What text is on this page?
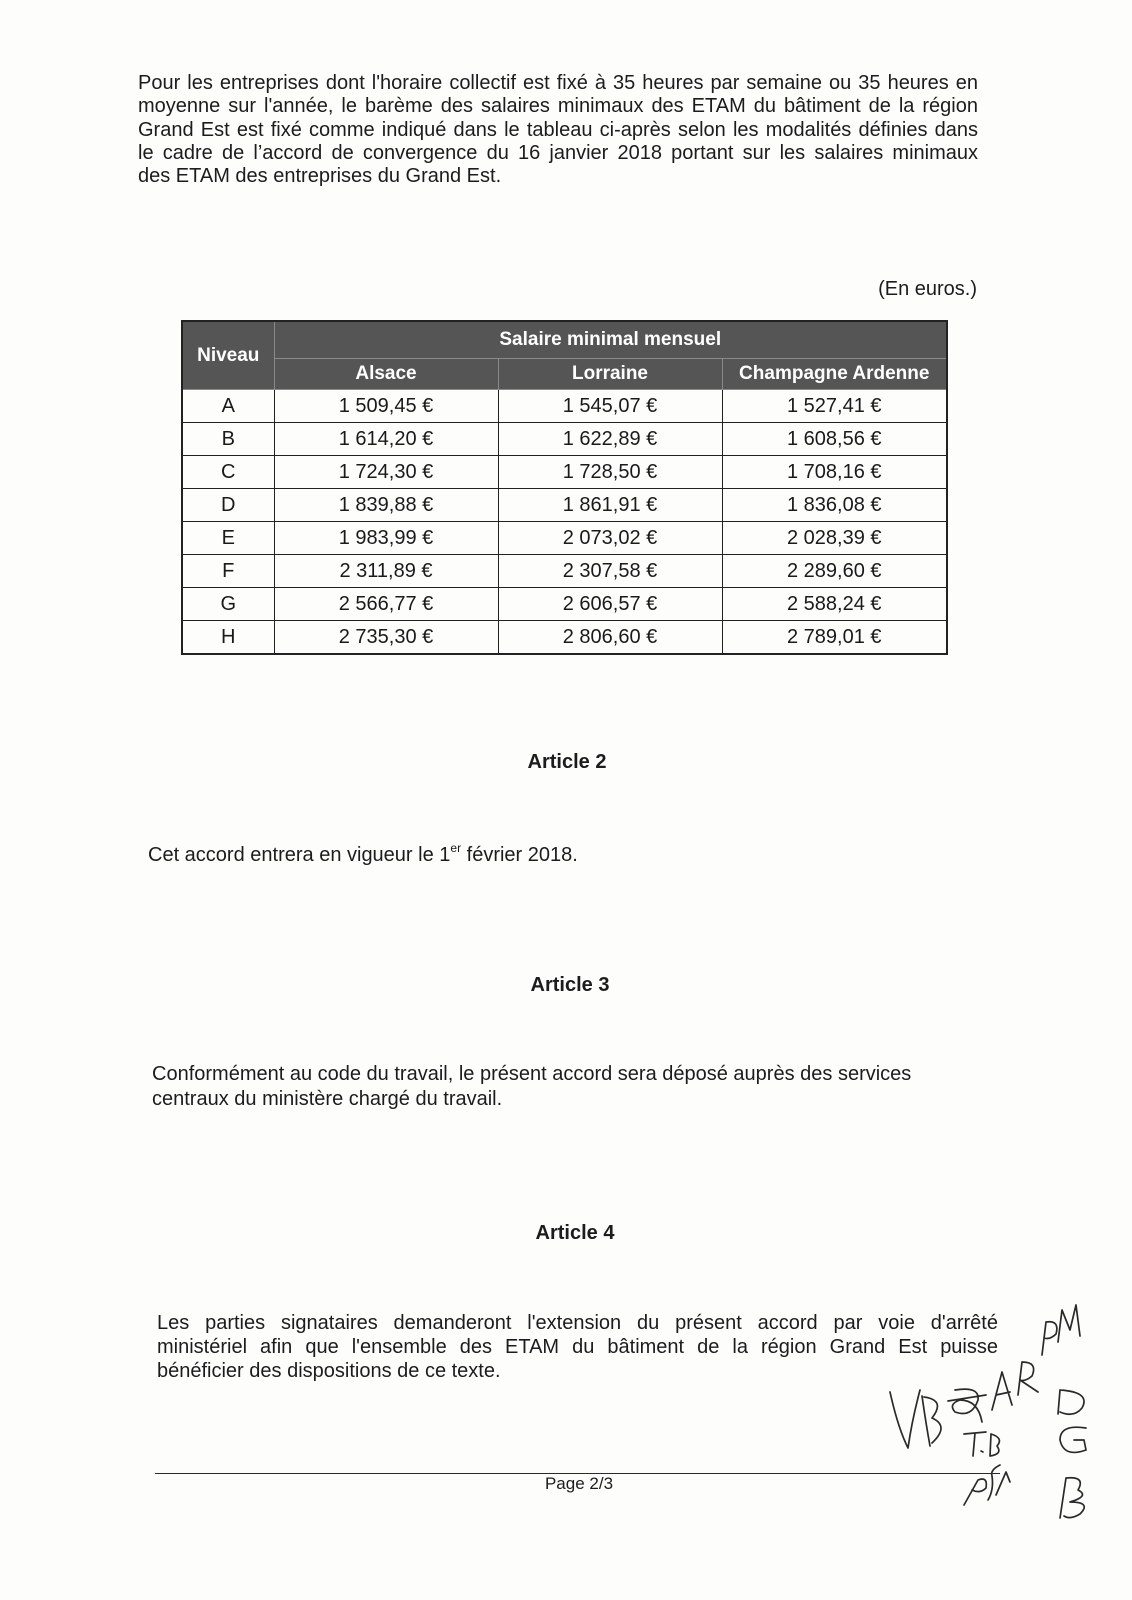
Pour les entreprises dont l'horaire collectif est fixé à 35 heures par semaine ou 35 heures en
moyenne sur l'année, le barème des salaires minimaux des ETAM du bâtiment de la région
Grand Est est fixé comme indiqué dans le tableau ci-après selon les modalités définies dans
le cadre de l’accord de convergence du 16 janvier 2018 portant sur les salaires minimaux
des ETAM des entreprises du Grand Est.
(En euros.)
Niveau	Salaire minimal mensuel		
	Alsace	Lorraine	Champagne Ardenne
A	1 509,45 €	1 545,07 €	1 527,41 €
B	1 614,20 €	1 622,89 €	1 608,56 €
C	1 724,30 €	1 728,50 €	1 708,16 €
D	1 839,88 €	1 861,91 €	1 836,08 €
E	1 983,99 €	2 073,02 €	2 028,39 €
F	2 311,89 €	2 307,58 €	2 289,60 €
G	2 566,77 €	2 606,57 €	2 588,24 €
H	2 735,30 €	2 806,60 €	2 789,01 €
Article 2
Cet accord entrera en vigueur le 1er février 2018.
Article 3
Conformément au code du travail, le présent accord sera déposé auprès des services
centraux du ministère chargé du travail.
Article 4
Les parties signataires demanderont l'extension du présent accord par voie d'arrêté
ministériel afin que l'ensemble des ETAM du bâtiment de la région Grand Est puisse
bénéficier des dispositions de ce texte.
Page 2/3
